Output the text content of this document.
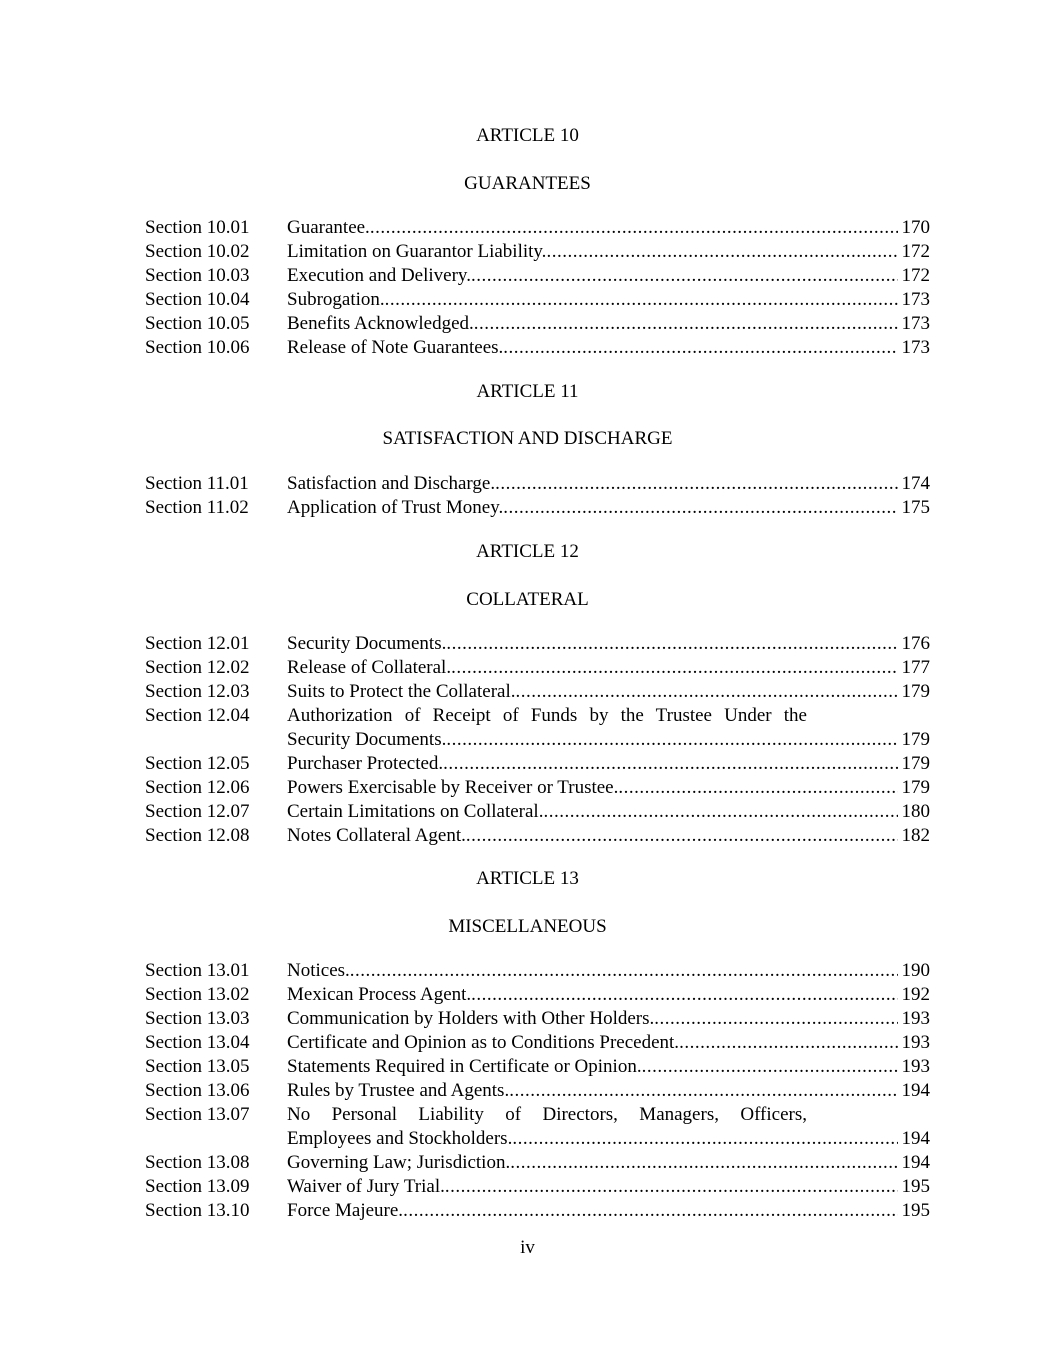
ARTICLE 10
GUARANTEES
Section 10.01 Guarantee. .....	170
Section 10.02 Limitation on Guarantor Liability. .....	172
Section 10.03 Execution and Delivery. .....	172
Section 10.04 Subrogation. .....	173
Section 10.05 Benefits Acknowledged. .....	173
Section 10.06 Release of Note Guarantees. .....	173
ARTICLE 11
SATISFACTION AND DISCHARGE
Section 11.01 Satisfaction and Discharge. .....	174
Section 11.02 Application of Trust Money. .....	175
ARTICLE 12
COLLATERAL
Section 12.01 Security Documents. .....	176
Section 12.02 Release of Collateral. .....	177
Section 12.03 Suits to Protect the Collateral. .....	179
Section 12.04 Authorization of Receipt of Funds by the Trustee Under the
Security Documents. .....	179
Section 12.05 Purchaser Protected. .....	179
Section 12.06 Powers Exercisable by Receiver or Trustee. .....	179
Section 12.07 Certain Limitations on Collateral. .....	180
Section 12.08 Notes Collateral Agent. .....	182
ARTICLE 13
MISCELLANEOUS
Section 13.01 Notices. .....	190
Section 13.02 Mexican Process Agent. .....	192
Section 13.03 Communication by Holders with Other Holders. .....	193
Section 13.04 Certificate and Opinion as to Conditions Precedent. .....	193
Section 13.05 Statements Required in Certificate or Opinion. .....	193
Section 13.06 Rules by Trustee and Agents. .....	194
Section 13.07 No Personal Liability of Directors, Managers, Officers,
Employees and Stockholders. .....	194
Section 13.08 Governing Law; Jurisdiction. .....	194
Section 13.09 Waiver of Jury Trial. .....	195
Section 13.10 Force Majeure. .....	195
iv
